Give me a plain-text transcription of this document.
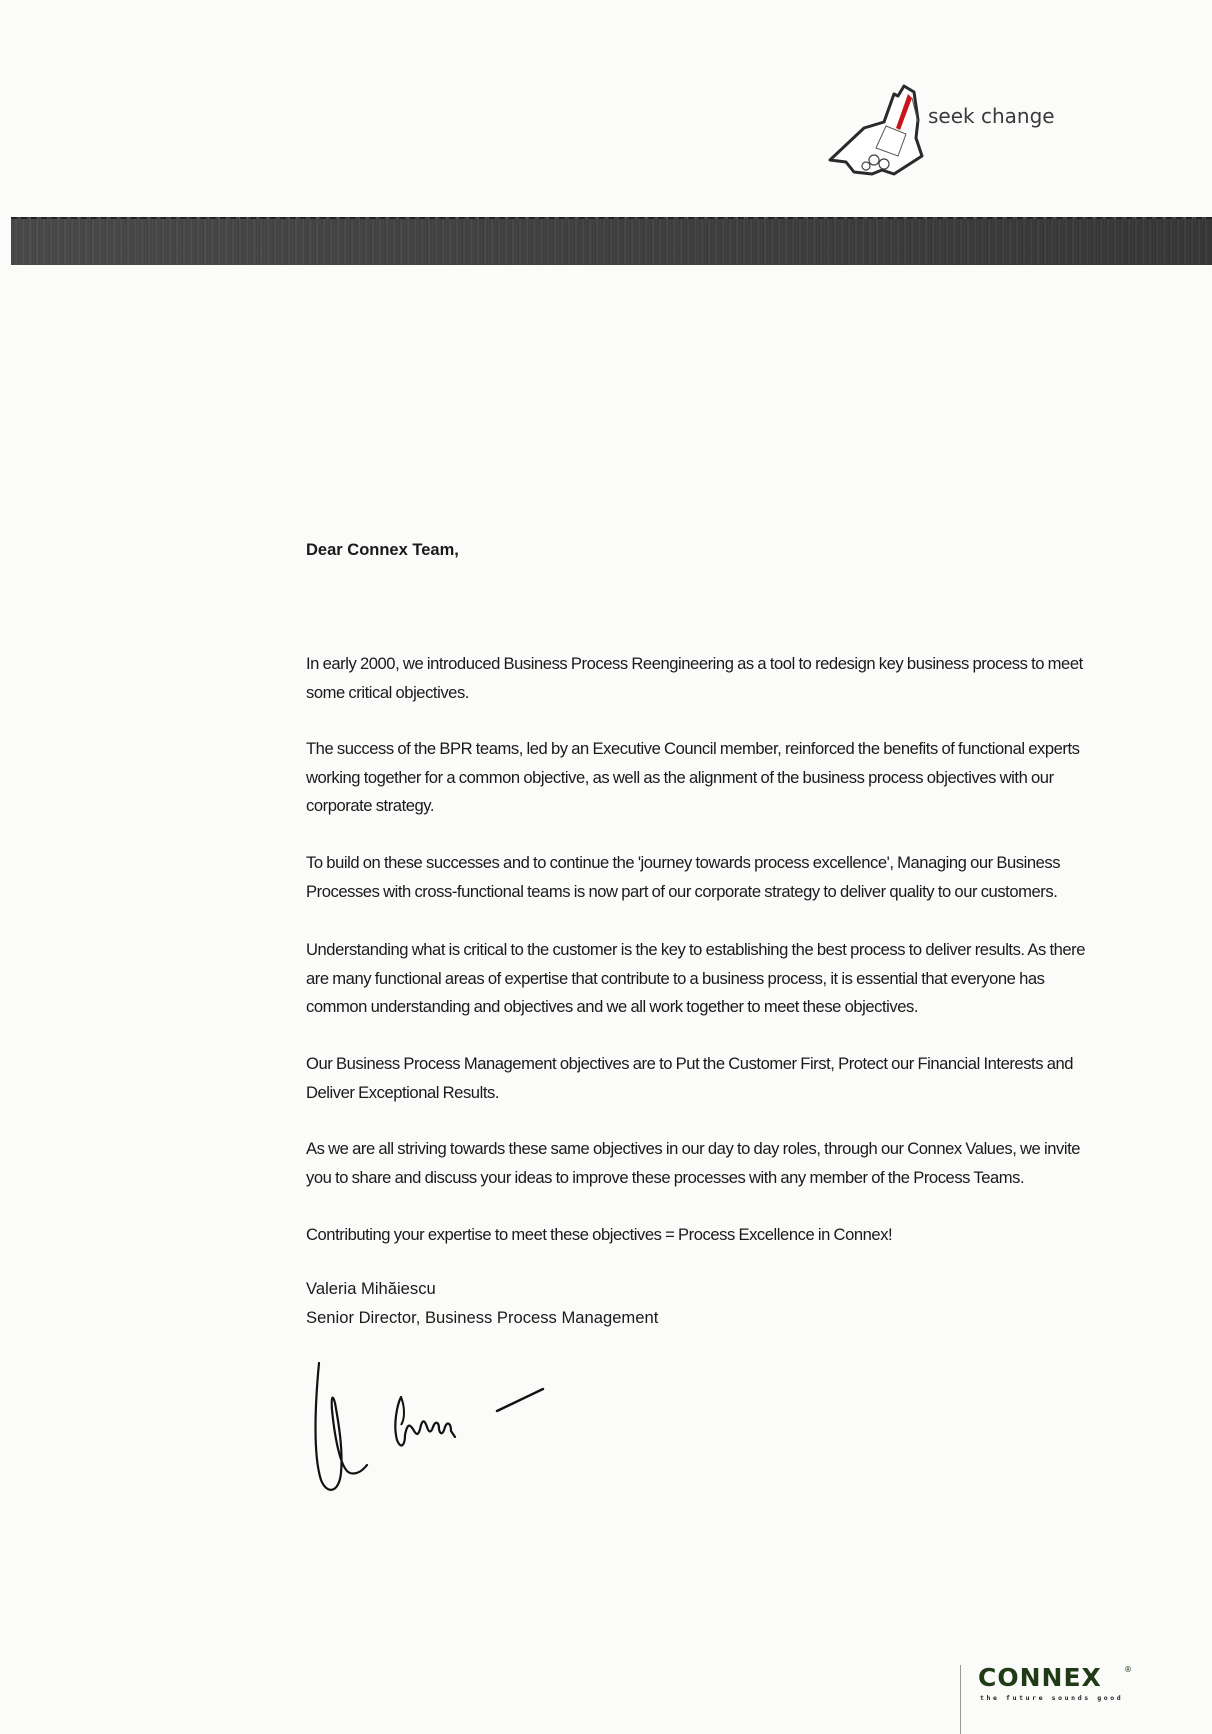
seek change
Dear Connex Team,
In early 2000, we introduced Business Process Reengineering as a tool to redesign key business process to meet some critical objectives.
The success of the BPR teams, led by an Executive Council member, reinforced the benefits of functional experts working together for a common objective, as well as the alignment of the business process objectives with our corporate strategy.
To build on these successes and to continue the 'journey towards process excellence', Managing our Business Processes with cross-functional teams is now part of our corporate strategy to deliver quality to our customers.
Understanding what is critical to the customer is the key to establishing the best process to deliver results. As there are many functional areas of expertise that contribute to a business process, it is essential that everyone has common understanding and objectives and we all work together to meet these objectives.
Our Business Process Management objectives are to Put the Customer First, Protect our Financial Interests and Deliver Exceptional Results.
As we are all striving towards these same objectives in our day to day roles, through our Connex Values, we invite you to share and discuss your ideas to improve these processes with any member of the Process Teams.
Contributing your expertise to meet these objectives = Process Excellence in Connex!
Valeria Mihăiescu
Senior Director, Business Process Management
CONNEX	®
the future sounds good
